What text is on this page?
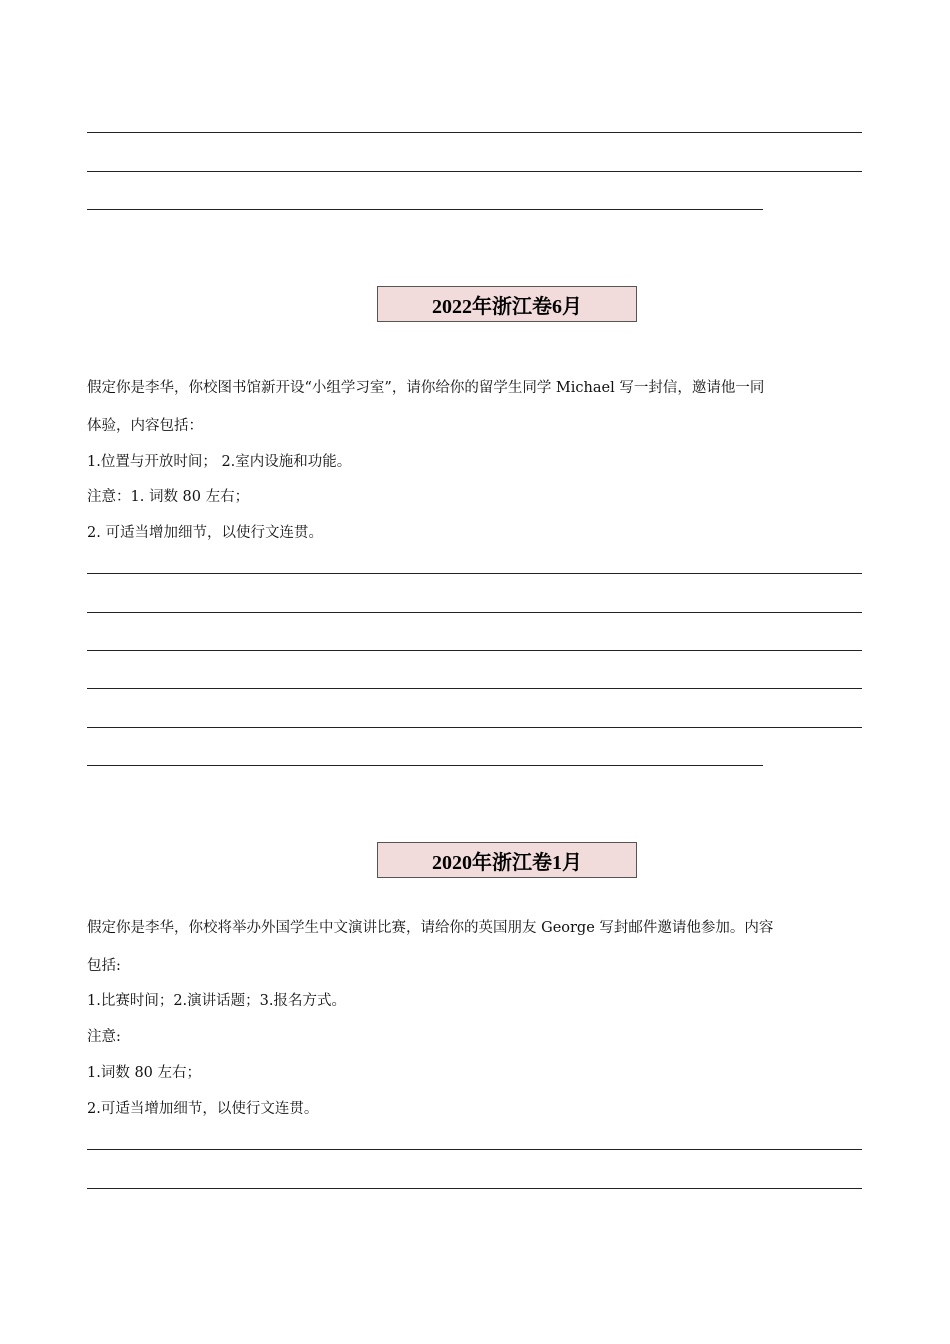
2022年浙江卷6月
假定你是李华，你校图书馆新开设“小组学习室”，请你给你的留学生同学 Michael 写一封信，邀请他一同
体验，内容包括：
1.位置与开放时间； 2.室内设施和功能。
注意：1. 词数 80 左右；
2. 可适当增加细节，以使行文连贯。
2020年浙江卷1月
假定你是李华，你校将举办外国学生中文演讲比赛，请给你的英国朋友 George 写封邮件邀请他参加。内容
包括:
1.比赛时间；2.演讲话题；3.报名方式。
注意:
1.词数 80 左右；
2.可适当增加细节，以使行文连贯。
